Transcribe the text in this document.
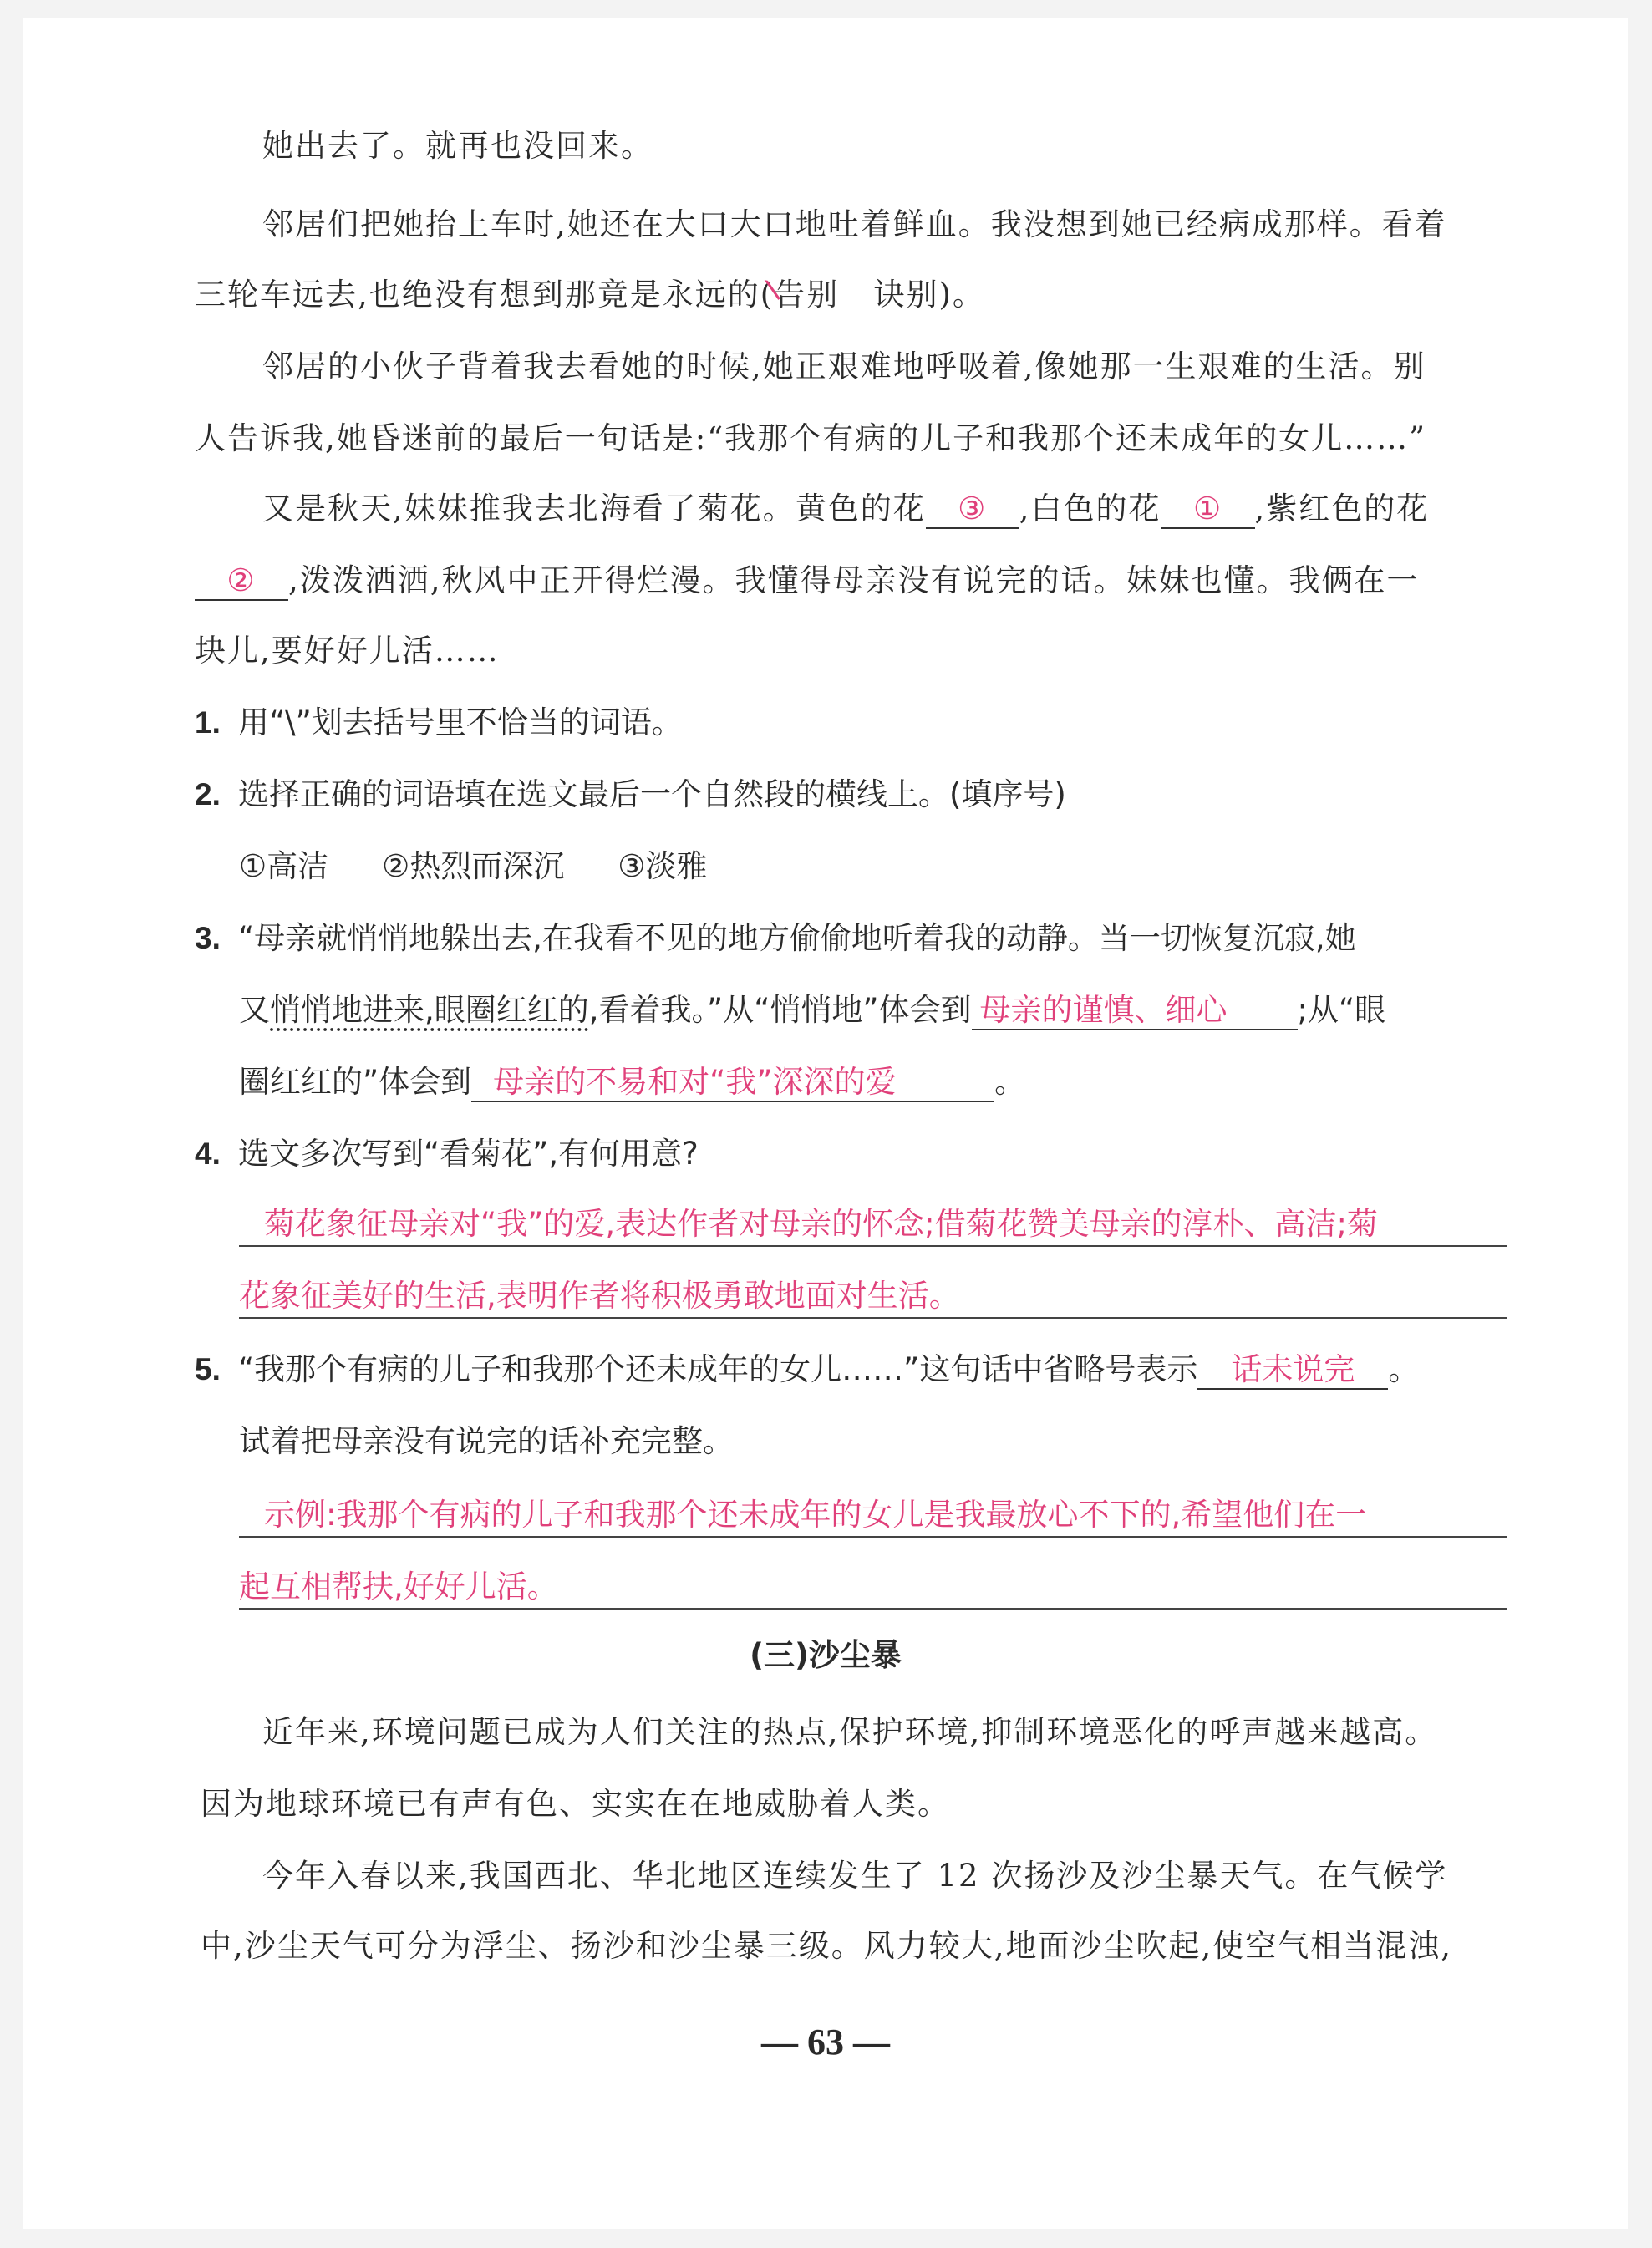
她出去了。就再也没回来。
邻居们把她抬上车时,她还在大口大口地吐着鲜血。我没想到她已经病成那样。看着
三轮车远去,也绝没有想到那竟是永远的(
告别 诀别)。
邻居的小伙子背着我去看她的时候,她正艰难地呼吸着,像她那一生艰难的生活。别
人告诉我,她昏迷前的最后一句话是:“我那个有病的儿子和我那个还未成年的女儿……”
又是秋天,妹妹推我去北海看了菊花。黄色的花 ③ ,白色的花 ① ,紫红色的花
② ,泼泼洒洒,秋风中正开得烂漫。我懂得母亲没有说完的话。妹妹也懂。我俩在一
块儿,要好好儿活……
1. 用“\”划去括号里不恰当的词语。
2. 选择正确的词语填在选文最后一个自然段的横线上。(填序号)
①高洁 ②热烈而深沉 ③淡雅
3. “母亲就悄悄地躲出去,在我看不见的地方偷偷地听着我的动静。当一切恢复沉寂,她
又悄悄地进来,眼圈红红的,看着我。”从“悄悄地”体会到 母亲的谨慎、细心 ;从“眼
圈红红的”体会到 母亲的不易和对“我”深深的爱	。
4. 选文多次写到“看菊花”,有何用意?
菊花象征母亲对“我”的爱,表达作者对母亲的怀念;借菊花赞美母亲的淳朴、高洁;菊
花象征美好的生活,表明作者将积极勇敢地面对生活。
5. “我那个有病的儿子和我那个还未成年的女儿……”这句话中省略号表示 话未说完 。
试着把母亲没有说完的话补充完整。
示例:我那个有病的儿子和我那个还未成年的女儿是我最放心不下的,希望他们在一
起互相帮扶,好好儿活。
(三)沙尘暴
近年来,环境问题已成为人们关注的热点,保护环境,抑制环境恶化的呼声越来越高。
因为地球环境已有声有色、实实在在地威胁着人类。
今年入春以来,我国西北、华北地区连续发生了 12 次扬沙及沙尘暴天气。在气候学
中,沙尘天气可分为浮尘、扬沙和沙尘暴三级。风力较大,地面沙尘吹起,使空气相当混浊,
— 63 —
